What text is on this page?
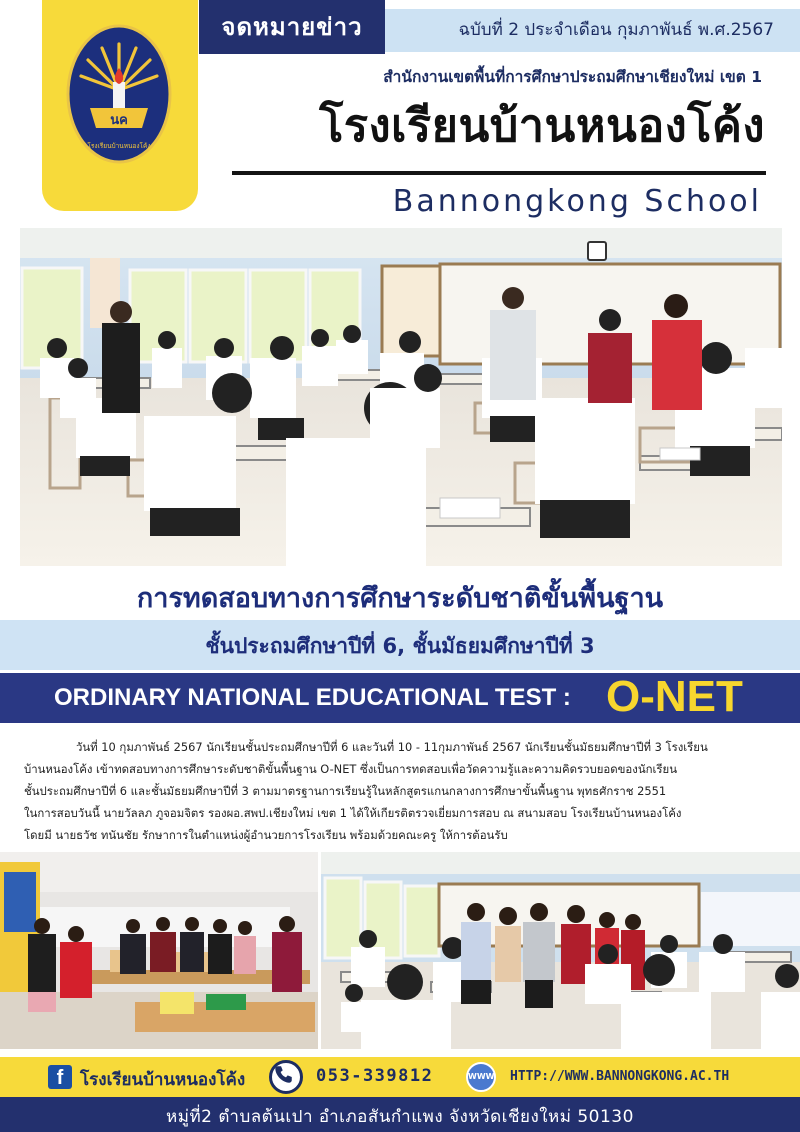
นค
โรงเรียนบ้านหนองโค้ง
จดหมายข่าว	ฉบับที่ 2 ประจำเดือน กุมภาพันธ์ พ.ศ.2567
สำนักงานเขตพื้นที่การศึกษาประถมศึกษาเชียงใหม่ เขต 1
โรงเรียนบ้านหนองโค้ง
Bannongkong School
การทดสอบทางการศึกษาระดับชาติขั้นพื้นฐาน
ชั้นประถมศึกษาปีที่ 6, ชั้นมัธยมศึกษาปีที่ 3
ORDINARY NATIONAL EDUCATIONAL TEST : O-NET

วันที่ 10 กุมภาพันธ์ 2567 นักเรียนชั้นประถมศึกษาปีที่ 6 และวันที่ 10 - 11กุมภาพันธ์ 2567 นักเรียนชั้นมัธยมศึกษาปีที่ 3 โรงเรียน

บ้านหนองโค้ง เข้าทดสอบทางการศึกษาระดับชาติขั้นพื้นฐาน O-NET ซึ่งเป็นการทดสอบเพื่อวัดความรู้และความคิดรวบยอดของนักเรียน

ชั้นประถมศึกษาปีที่ 6 และชั้นมัธยมศึกษาปีที่ 3 ตามมาตรฐานการเรียนรู้ในหลักสูตรแกนกลางการศึกษาขั้นพื้นฐาน พุทธศักราช 2551

ในการสอบวันนี้ นายวัลลภ ภูจอมจิตร รองผอ.สพป.เชียงใหม่ เขต 1 ได้ให้เกียรติตรวจเยี่ยมการสอบ ณ สนามสอบ โรงเรียนบ้านหนองโค้ง

โดยมี นายธวัช ทนันชัย รักษาการในตำแหน่งผู้อำนวยการโรงเรียน พร้อมด้วยคณะครู ให้การต้อนรับ

f โรงเรียนบ้านหนองโค้ง	053-339812	WWW HTTP://WWW.BANNONGKONG.AC.TH
หมู่ที่2 ตำบลต้นเปา อำเภอสันกำแพง จังหวัดเชียงใหม่ 50130
